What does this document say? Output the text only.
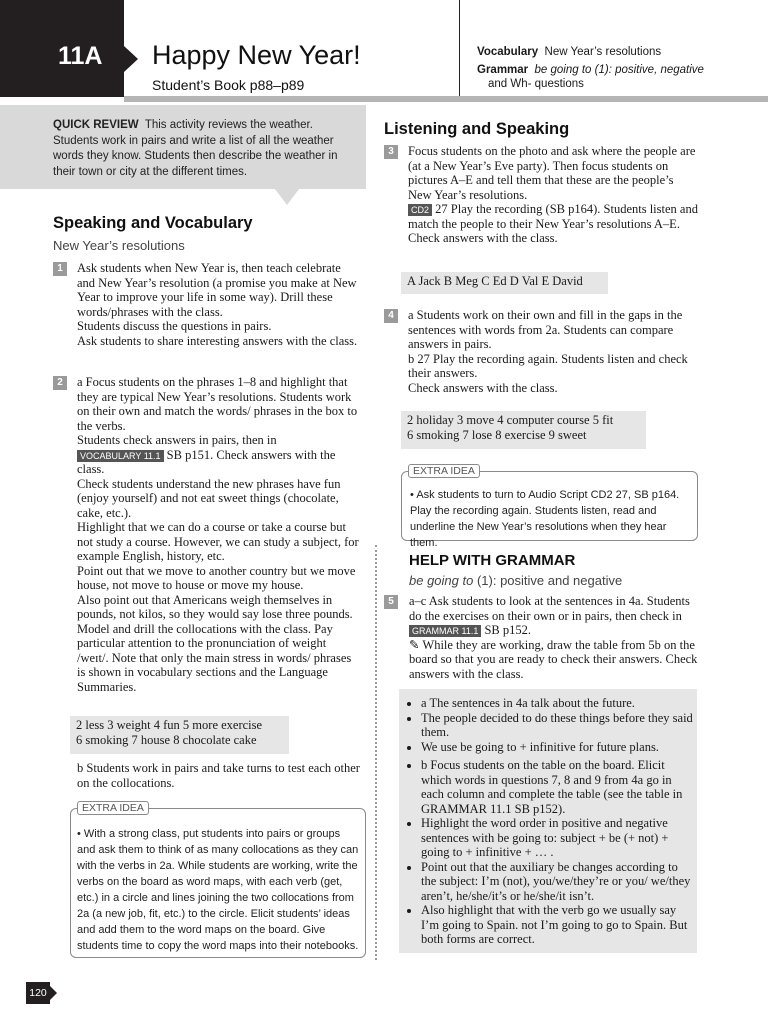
11A Happy New Year!
Student’s Book p88–p89
Vocabulary New Year’s resolutions
Grammar be going to (1): positive, negative
and Wh- questions
QUICK REVIEW This activity reviews the weather. Students work in pairs and write a list of all the weather words they know. Students then describe the weather in their town or city at the different times.
Speaking and Vocabulary
New Year’s resolutions
1	Ask students when New Year is, then teach celebrate and New Year’s resolution (a promise you make at New Year to improve your life in some way). Drill these words/phrases with the class.
Students discuss the questions in pairs.
Ask students to share interesting answers with the class.
2	a Focus students on the phrases 1–8 and highlight that they are typical New Year’s resolutions. Students work on their own and match the words/ phrases in the box to the verbs.
Students check answers in pairs, then in
VOCABULARY 11.1 SB p151. Check answers with the class.
Check students understand the new phrases have fun (enjoy yourself) and not eat sweet things (chocolate, cake, etc.).
Highlight that we can do a course or take a course but not study a course. However, we can study a subject, for example English, history, etc.
Point out that we move to another country but we move house, not move to house or move my house.
Also point out that Americans weigh themselves in pounds, not kilos, so they would say lose three pounds.
Model and drill the collocations with the class. Pay particular attention to the pronunciation of weight /weɪt/. Note that only the main stress in words/ phrases is shown in vocabulary sections and the Language Summaries.
2 less 3 weight 4 fun 5 more exercise
6 smoking 7 house 8 chocolate cake
b Students work in pairs and take turns to test each other on the collocations.
EXTRA IDEA
• With a strong class, put students into pairs or groups and ask them to think of as many collocations as they can with the verbs in 2a. While students are working, write the verbs on the board as word maps, with each verb (get, etc.) in a circle and lines joining the two collocations from 2a (a new job, fit, etc.) to the circle. Elicit students’ ideas and add them to the word maps on the board. Give students time to copy the word maps into their notebooks.
Listening and Speaking
3	Focus students on the photo and ask where the people are (at a New Year’s Eve party). Then focus students on pictures A–E and tell them that these are the people’s New Year’s resolutions.
CD2 27 Play the recording (SB p164). Students listen and match the people to their New Year’s resolutions A–E.
Check answers with the class.
A Jack B Meg C Ed D Val E David
4	a Students work on their own and fill in the gaps in the sentences with words from 2a. Students can compare answers in pairs.
b 27 Play the recording again. Students listen and check their answers.
Check answers with the class.
2 holiday 3 move 4 computer course 5 fit
6 smoking 7 lose 8 exercise 9 sweet
EXTRA IDEA
• Ask students to turn to Audio Script CD2 27, SB p164. Play the recording again. Students listen, read and underline the New Year’s resolutions when they hear them.
HELP WITH GRAMMAR
be going to (1): positive and negative
5	a–c Ask students to look at the sentences in 4a. Students do the exercises on their own or in pairs, then check in GRAMMAR 11.1 SB p152.
✎ While they are working, draw the table from 5b on the board so that you are ready to check their answers. Check answers with the class.
• a The sentences in 4a talk about the future.
• The people decided to do these things before they said them.
• We use be going to + infinitive for future plans.
• b Focus students on the table on the board. Elicit which words in questions 7, 8 and 9 from 4a go in each column and complete the table (see the table in GRAMMAR 11.1 SB p152).
• Highlight the word order in positive and negative sentences with be going to: subject + be (+ not) + going to + infinitive + … .
• Point out that the auxiliary be changes according to the subject: I’m (not), you/we/they’re or you/ we/they aren’t, he/she/it’s or he/she/it isn’t.
• Also highlight that with the verb go we usually say I’m going to Spain. not I’m going to go to Spain. But both forms are correct.
120
